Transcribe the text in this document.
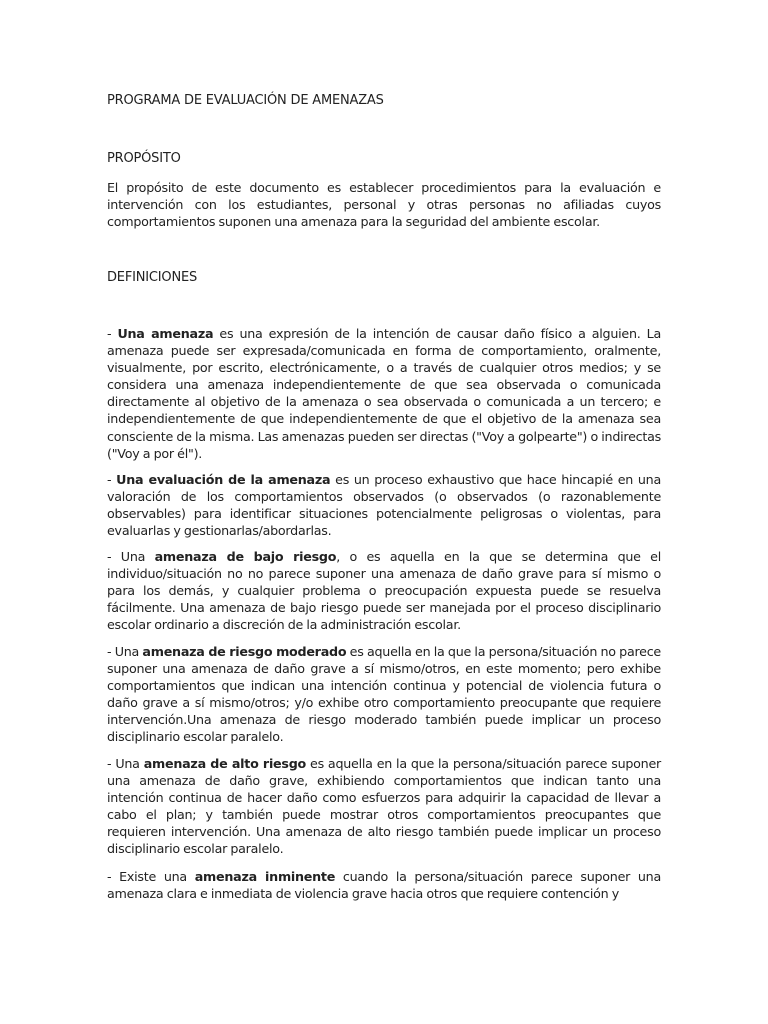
PROGRAMA DE EVALUACIÓN DE AMENAZAS
PROPÓSITO

El propósito de este documento es establecer procedimientos para la evaluación e intervención con los estudiantes, personal y otras personas no afiliadas cuyos comportamientos suponen una amenaza para la seguridad del ambiente escolar.

DEFINICIONES

- Una amenaza es una expresión de la intención de causar daño físico a alguien. La amenaza puede ser expresada/comunicada en forma de comportamiento, oralmente, visualmente, por escrito, electrónicamente, o a través de cualquier otros medios; y se considera una amenaza independientemente de que sea observada o comunicada directamente al objetivo de la amenaza o sea observada o comunicada a un tercero; e independientemente de que independientemente de que el objetivo de la amenaza sea consciente de la misma. Las amenazas pueden ser directas ("Voy a golpearte") o indirectas ("Voy a por él").

- Una evaluación de la amenaza es un proceso exhaustivo que hace hincapié en una valoración de los comportamientos observados (o observados (o razonablemente observables) para identificar situaciones potencialmente peligrosas o violentas, para evaluarlas y gestionarlas/abordarlas.

- Una amenaza de bajo riesgo, o es aquella en la que se determina que el individuo/situación no no parece suponer una amenaza de daño grave para sí mismo o para los demás, y cualquier problema o preocupación expuesta puede se resuelva fácilmente. Una amenaza de bajo riesgo puede ser manejada por el proceso disciplinario escolar ordinario a discreción de la administración escolar.

- Una amenaza de riesgo moderado es aquella en la que la persona/situación no parece suponer una amenaza de daño grave a sí mismo/otros, en este momento; pero exhibe comportamientos que indican una intención continua y potencial de violencia futura o daño grave a sí mismo/otros; y/o exhibe otro comportamiento preocupante que requiere intervención.Una amenaza de riesgo moderado también puede implicar un proceso disciplinario escolar paralelo.

- Una amenaza de alto riesgo es aquella en la que la persona/situación parece suponer una amenaza de daño grave, exhibiendo comportamientos que indican tanto una intención continua de hacer daño como esfuerzos para adquirir la capacidad de llevar a cabo el plan; y también puede mostrar otros comportamientos preocupantes que requieren intervención. Una amenaza de alto riesgo también puede implicar un proceso disciplinario escolar paralelo.

- Existe una amenaza inminente cuando la persona/situación parece suponer una amenaza clara e inmediata de violencia grave hacia otros que requiere contención y
